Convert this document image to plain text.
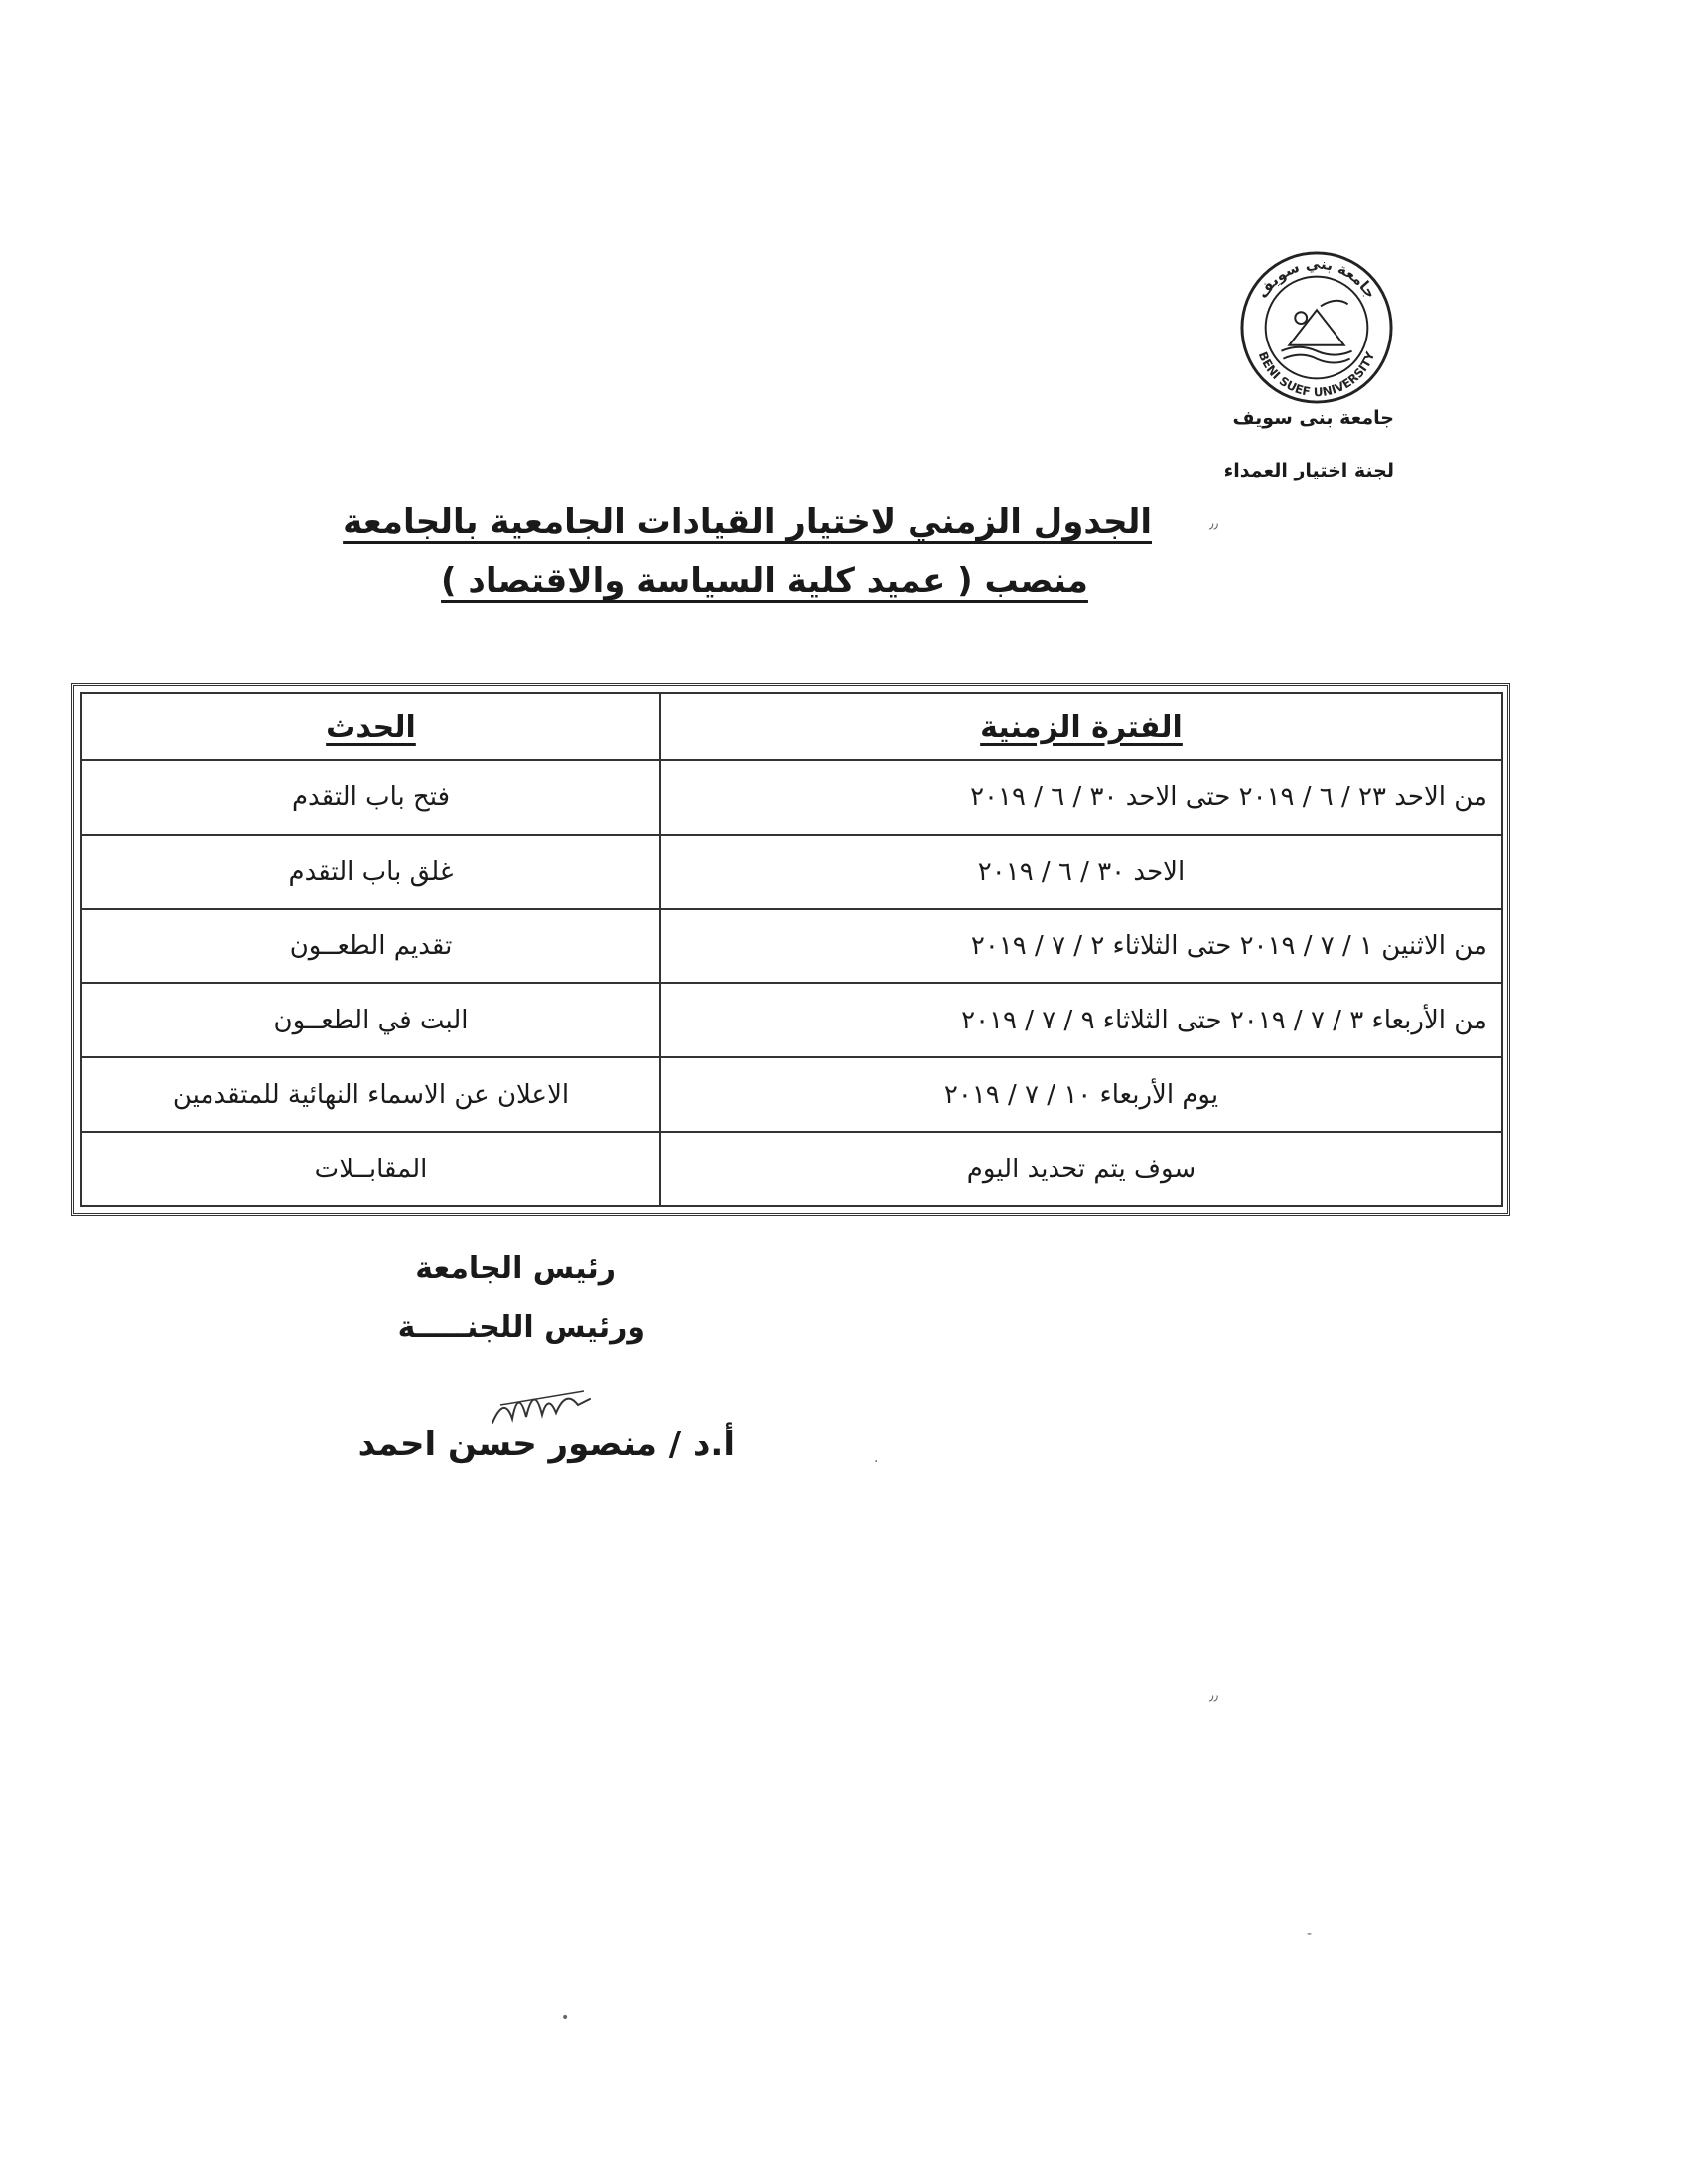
جامعة بني سويف
BENI SUEF UNIVERSITY
جامعة بنى سويف
لجنة اختيار العمداء
الجدول الزمني لاختيار القيادات الجامعية بالجامعة
منصب ( عميد كلية السياسة والاقتصاد )
٫٫
٫٫
-
•
·
الفترة الزمنية	الحدث
من الاحد ٢٣ / ٦ / ٢٠١٩ حتى الاحد ٣٠ / ٦ / ٢٠١٩	فتح باب التقدم
الاحد ٣٠ / ٦ / ٢٠١٩	غلق باب التقدم
من الاثنين ١ / ٧ / ٢٠١٩ حتى الثلاثاء ٢ / ٧ / ٢٠١٩	تقديم الطعــون
من الأربعاء ٣ / ٧ / ٢٠١٩ حتى الثلاثاء ٩ / ٧ / ٢٠١٩	البت في الطعــون
يوم الأربعاء ١٠ / ٧ / ٢٠١٩	الاعلان عن الاسماء النهائية للمتقدمين
سوف يتم تحديد اليوم	المقابــلات
رئيس الجامعة
ورئيس اللجنـــــة
أ.د / منصور حسن احمد
